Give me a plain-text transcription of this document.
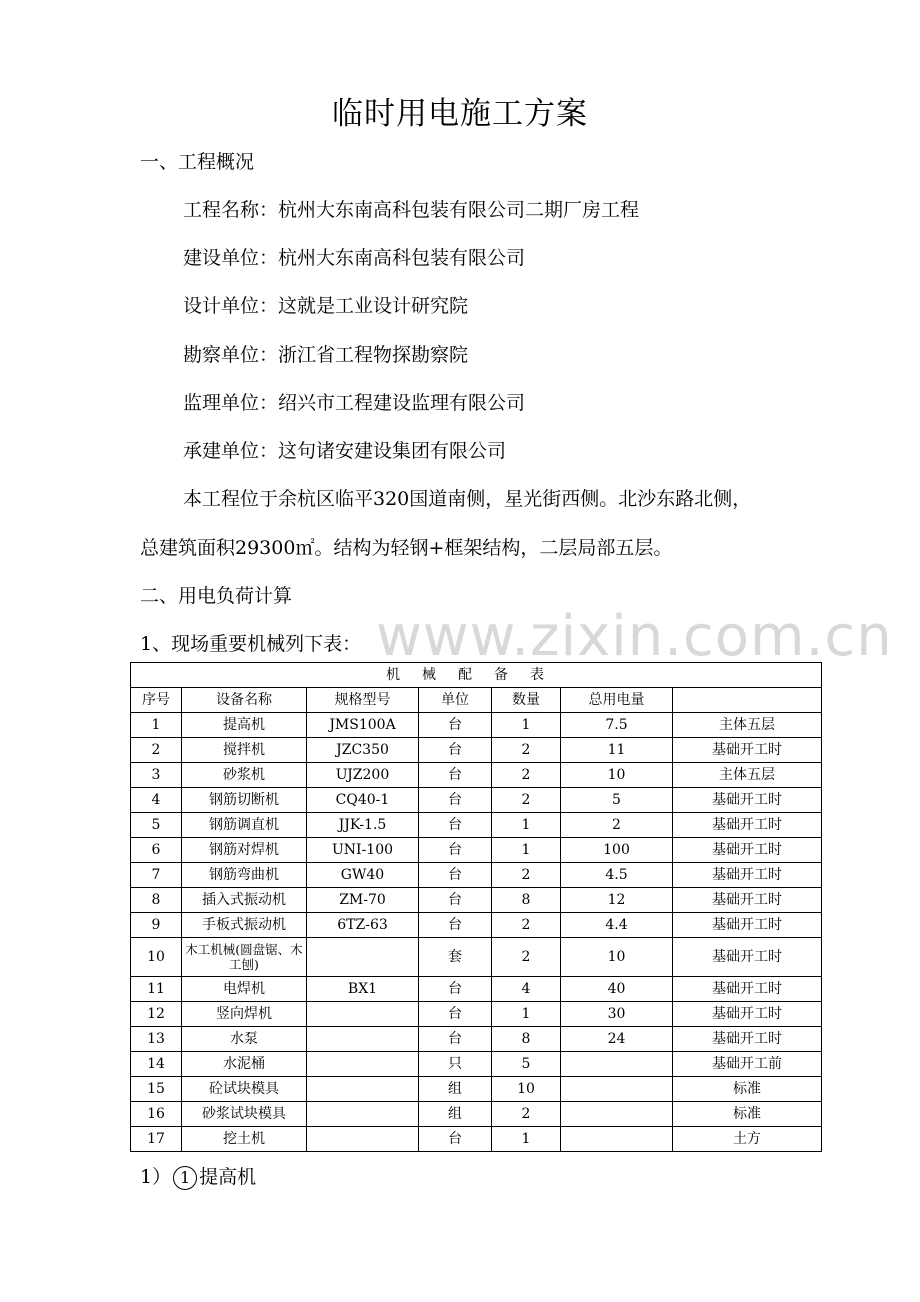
临时用电施工方案
一、工程概况
工程名称：杭州大东南高科包装有限公司二期厂房工程
建设单位：杭州大东南高科包装有限公司
设计单位：这就是工业设计研究院
勘察单位：浙江省工程物探勘察院
监理单位：绍兴市工程建设监理有限公司
承建单位：这句诸安建设集团有限公司
本工程位于余杭区临平320国道南侧，星光街西侧。北沙东路北侧，
总建筑面积29300㎡。结构为轻钢+框架结构，二层局部五层。
二、用电负荷计算
1、现场重要机械列下表： www.zixin.com.cn
机械配备表						
序号	设备名称	规格型号	单位	数量	总用电量	
1	提高机	JMS100A	台	1	7.5	主体五层
2	搅拌机	JZC350	台	2	11	基础开工时
3	砂浆机	UJZ200	台	2	10	主体五层
4	钢筋切断机	CQ40-1	台	2	5	基础开工时
5	钢筋调直机	JJK-1.5	台	1	2	基础开工时
6	钢筋对焊机	UNI-100	台	1	100	基础开工时
7	钢筋弯曲机	GW40	台	2	4.5	基础开工时
8	插入式振动机	ZM-70	台	8	12	基础开工时
9	手板式振动机	6TZ-63	台	2	4.4	基础开工时
10	木工机械(圆盘锯、木工刨)		套	2	10	基础开工时
11	电焊机	BX1	台	4	40	基础开工时
12	竖向焊机		台	1	30	基础开工时
13	水泵		台	8	24	基础开工时
14	水泥桶		只	5		基础开工前
15	砼试块模具		组	10		标准
16	砂浆试块模具		组	2		标准
17	挖土机		台	1		土方
1） 1 提高机
